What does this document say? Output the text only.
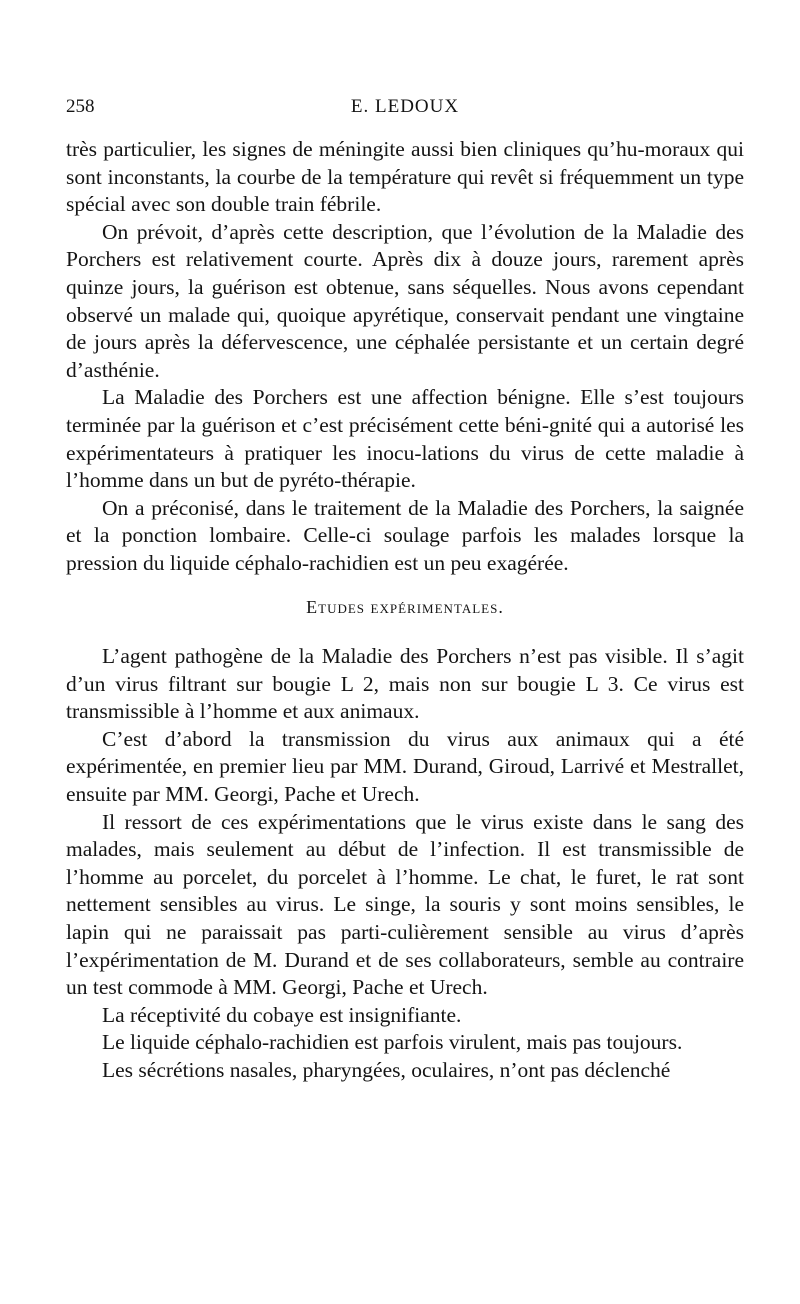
258	E. LEDOUX

très particulier, les signes de méningite aussi bien cliniques qu’hu-moraux qui sont inconstants, la courbe de la température qui revêt si fréquemment un type spécial avec son double train fébrile.

On prévoit, d’après cette description, que l’évolution de la Maladie des Porchers est relativement courte. Après dix à douze jours, rarement après quinze jours, la guérison est obtenue, sans séquelles. Nous avons cependant observé un malade qui, quoique apyrétique, conservait pendant une vingtaine de jours après la défervescence, une céphalée persistante et un certain degré d’asthénie.

La Maladie des Porchers est une affection bénigne. Elle s’est toujours terminée par la guérison et c’est précisément cette béni-gnité qui a autorisé les expérimentateurs à pratiquer les inocu-lations du virus de cette maladie à l’homme dans un but de pyréto-thérapie.

On a préconisé, dans le traitement de la Maladie des Porchers, la saignée et la ponction lombaire. Celle-ci soulage parfois les malades lorsque la pression du liquide céphalo-rachidien est un peu exagérée.

Etudes expérimentales.

L’agent pathogène de la Maladie des Porchers n’est pas visible. Il s’agit d’un virus filtrant sur bougie L 2, mais non sur bougie L 3. Ce virus est transmissible à l’homme et aux animaux.

C’est d’abord la transmission du virus aux animaux qui a été expérimentée, en premier lieu par MM. Durand, Giroud, Larrivé et Mestrallet, ensuite par MM. Georgi, Pache et Urech.

Il ressort de ces expérimentations que le virus existe dans le sang des malades, mais seulement au début de l’infection. Il est transmissible de l’homme au porcelet, du porcelet à l’homme. Le chat, le furet, le rat sont nettement sensibles au virus. Le singe, la souris y sont moins sensibles, le lapin qui ne paraissait pas parti-culièrement sensible au virus d’après l’expérimentation de M. Durand et de ses collaborateurs, semble au contraire un test commode à MM. Georgi, Pache et Urech.

La réceptivité du cobaye est insignifiante.

Le liquide céphalo-rachidien est parfois virulent, mais pas toujours.

Les sécrétions nasales, pharyngées, oculaires, n’ont pas déclenché
